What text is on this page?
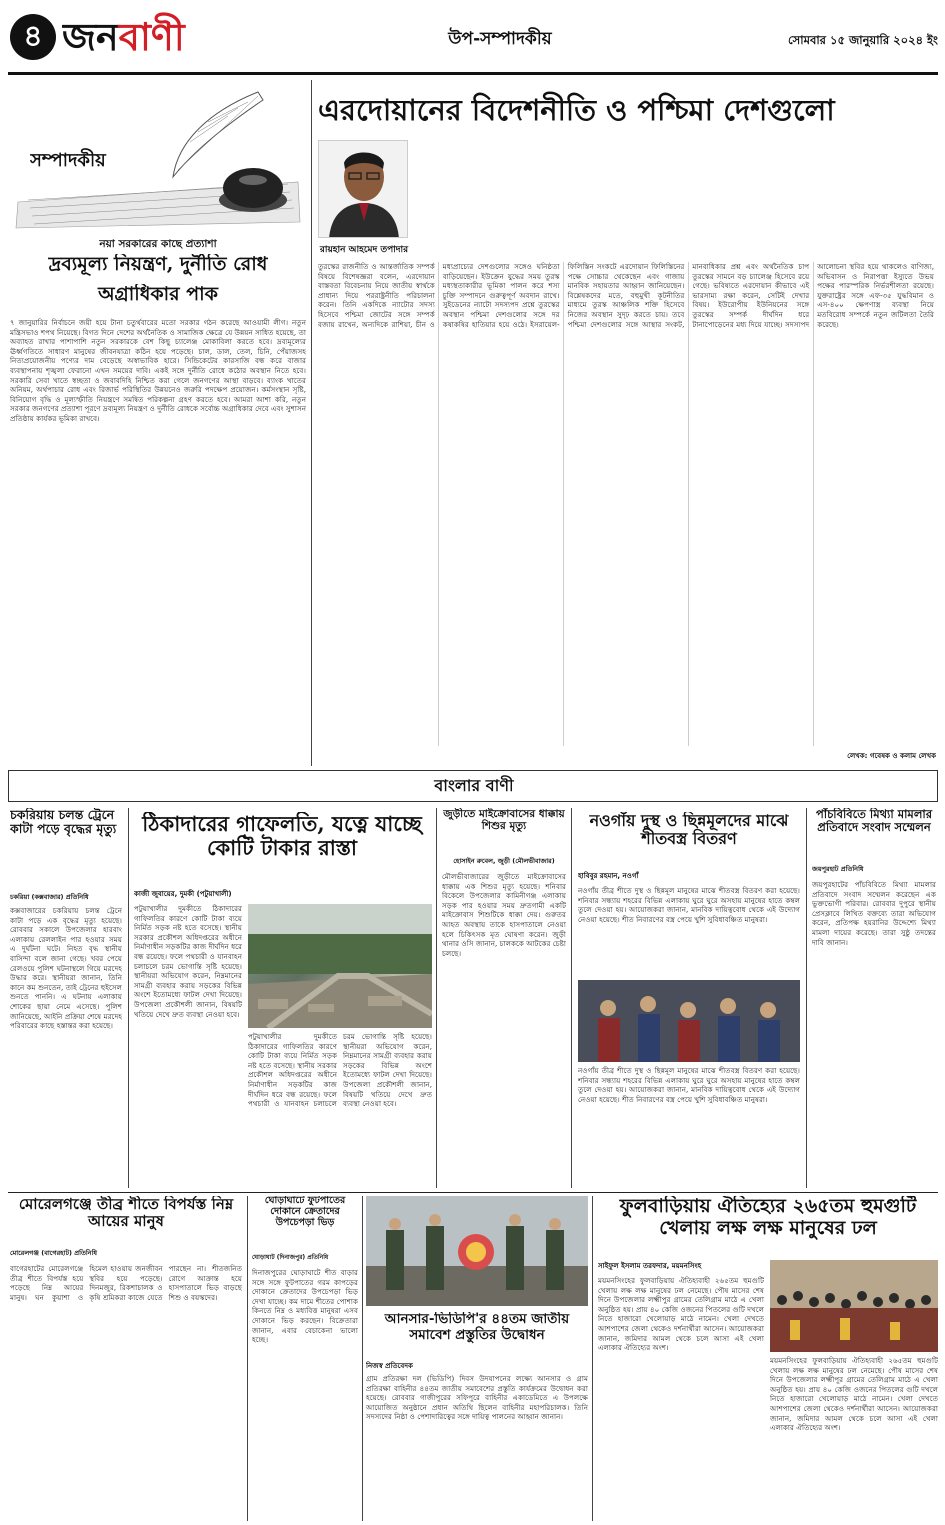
৪ জনবাণী	উপ-সম্পাদকীয়	সোমবার ১৫ জানুয়ারি ২০২৪ ইং
সম্পাদকীয়
নয়া সরকারের কাছে প্রত্যাশা
দ্রব্যমূল্য নিয়ন্ত্রণ, দুর্নীতি রোধ
অগ্রাধিকার পাক
৭ জানুয়ারির নির্বাচনে জয়ী হয়ে টানা চতুর্থবারের মতো সরকার গঠন করেছে আওয়ামী লীগ। নতুন মন্ত্রিসভাও শপথ নিয়েছে। বিগত দিনে দেশের অর্থনৈতিক ও সামাজিক ক্ষেত্রে যে উন্নয়ন সাধিত হয়েছে, তা অব্যাহত রাখার পাশাপাশি নতুন সরকারকে বেশ কিছু চ্যালেঞ্জ মোকাবিলা করতে হবে। দ্রব্যমূল্যের ঊর্ধ্বগতিতে সাধারণ মানুষের জীবনযাত্রা কঠিন হয়ে পড়েছে। চাল, ডাল, তেল, চিনি, পেঁয়াজসহ নিত্যপ্রয়োজনীয় পণ্যের দাম বেড়েছে অস্বাভাবিক হারে। সিন্ডিকেটের কারসাজি বন্ধ করে বাজার ব্যবস্থাপনায় শৃঙ্খলা ফেরানো এখন সময়ের দাবি। একই সঙ্গে দুর্নীতি রোধে কঠোর অবস্থান নিতে হবে। সরকারি সেবা খাতে স্বচ্ছতা ও জবাবদিহি নিশ্চিত করা গেলে জনগণের আস্থা বাড়বে। ব্যাংক খাতের অনিয়ম, অর্থপাচার রোধ এবং রিজার্ভ পরিস্থিতির উন্নয়নেও জরুরি পদক্ষেপ প্রয়োজন। কর্মসংস্থান সৃষ্টি, বিনিয়োগ বৃদ্ধি ও মূল্যস্ফীতি নিয়ন্ত্রণে সমন্বিত পরিকল্পনা গ্রহণ করতে হবে। আমরা আশা করি, নতুন সরকার জনগণের প্রত্যাশা পূরণে দ্রব্যমূল্য নিয়ন্ত্রণ ও দুর্নীতি রোধকে সর্বোচ্চ অগ্রাধিকার দেবে এবং সুশাসন প্রতিষ্ঠায় কার্যকর ভূমিকা রাখবে।
এরদোয়ানের বিদেশনীতি ও পশ্চিমা দেশগুলো
রায়হান আহমেদ তপাদার
তুরস্কের রাজনীতি ও আন্তর্জাতিক সম্পর্ক বিষয়ে বিশেষজ্ঞরা বলেন, এরদোয়ান বাস্তবতা বিবেচনায় নিয়ে জাতীয় স্বার্থকে প্রাধান্য দিয়ে পররাষ্ট্রনীতি পরিচালনা করেন। তিনি একদিকে ন্যাটোর সদস্য হিসেবে পশ্চিমা জোটের সঙ্গে সম্পর্ক বজায় রাখেন, অন্যদিকে রাশিয়া, চীন ও মধ্যপ্রাচ্যের দেশগুলোর সঙ্গেও ঘনিষ্ঠতা বাড়িয়েছেন। ইউক্রেন যুদ্ধের সময় তুরস্ক মধ্যস্থতাকারীর ভূমিকা পালন করে শস্য চুক্তি সম্পাদনে গুরুত্বপূর্ণ অবদান রাখে। সুইডেনের ন্যাটো সদস্যপদ প্রশ্নে তুরস্কের অবস্থান পশ্চিমা দেশগুলোর সঙ্গে দর কষাকষির হাতিয়ার হয়ে ওঠে। ইসরায়েল-ফিলিস্তিন সংকটে এরদোয়ান ফিলিস্তিনের পক্ষে সোচ্চার থেকেছেন এবং গাজায় মানবিক সহায়তার আহ্বান জানিয়েছেন। বিশ্লেষকদের মতে, বহুমুখী কূটনীতির মাধ্যমে তুরস্ক আঞ্চলিক শক্তি হিসেবে নিজের অবস্থান সুদৃঢ় করতে চায়। তবে পশ্চিমা দেশগুলোর সঙ্গে আস্থার সংকট, মানবাধিকার প্রশ্ন এবং অর্থনৈতিক চাপ তুরস্কের সামনে বড় চ্যালেঞ্জ হিসেবে রয়ে গেছে। ভবিষ্যতে এরদোয়ান কীভাবে এই ভারসাম্য রক্ষা করেন, সেটিই দেখার বিষয়। ইউরোপীয় ইউনিয়নের সঙ্গে তুরস্কের সম্পর্ক দীর্ঘদিন ধরে টানাপোড়েনের মধ্য দিয়ে যাচ্ছে। সদস্যপদ আলোচনা স্থবির হয়ে থাকলেও বাণিজ্য, অভিবাসন ও নিরাপত্তা ইস্যুতে উভয় পক্ষের পারস্পরিক নির্ভরশীলতা রয়েছে। যুক্তরাষ্ট্রের সঙ্গে এফ-৩৫ যুদ্ধবিমান ও এস-৪০০ ক্ষেপণাস্ত্র ব্যবস্থা নিয়ে মতবিরোধ সম্পর্কে নতুন জটিলতা তৈরি করেছে।
লেখক: গবেষক ও কলাম লেখক
বাংলার বাণী
চকরিয়ায় চলন্ত ট্রেনে কাটা পড়ে বৃদ্ধের মৃত্যু
চকরিয়া (কক্সবাজার) প্রতিনিধি
কক্সবাজারের চকরিয়ায় চলন্ত ট্রেনে কাটা পড়ে এক বৃদ্ধের মৃত্যু হয়েছে। রোববার সকালে উপজেলার হারবাং এলাকায় রেললাইন পার হওয়ার সময় এ দুর্ঘটনা ঘটে। নিহত বৃদ্ধ স্থানীয় বাসিন্দা বলে জানা গেছে। খবর পেয়ে রেলওয়ে পুলিশ ঘটনাস্থলে গিয়ে মরদেহ উদ্ধার করে। স্থানীয়রা জানান, তিনি কানে কম শুনতেন, তাই ট্রেনের হুইসেল শুনতে পাননি। এ ঘটনায় এলাকায় শোকের ছায়া নেমে এসেছে। পুলিশ জানিয়েছে, আইনি প্রক্রিয়া শেষে মরদেহ পরিবারের কাছে হস্তান্তর করা হয়েছে।
ঠিকাদারের গাফেলতি, যত্নে যাচ্ছে কোটি টাকার রাস্তা
কাজী জুবায়ের, দুমকী (পটুয়াখালী)
পটুয়াখালীর দুমকীতে ঠিকাদারের গাফিলতির কারণে কোটি টাকা ব্যয়ে নির্মিত সড়ক নষ্ট হতে বসেছে। স্থানীয় সরকার প্রকৌশল অধিদপ্তরের অধীনে নির্মাণাধীন সড়কটির কাজ দীর্ঘদিন ধরে বন্ধ রয়েছে। ফলে পথচারী ও যানবাহন চলাচলে চরম ভোগান্তি সৃষ্টি হয়েছে। স্থানীয়রা অভিযোগ করেন, নিম্নমানের সামগ্রী ব্যবহার করায় সড়কের বিভিন্ন অংশে ইতোমধ্যে ফাটল দেখা দিয়েছে। উপজেলা প্রকৌশলী জানান, বিষয়টি খতিয়ে দেখে দ্রুত ব্যবস্থা নেওয়া হবে।
পটুয়াখালীর দুমকীতে ঠিকাদারের গাফিলতির কারণে কোটি টাকা ব্যয়ে নির্মিত সড়ক নষ্ট হতে বসেছে। স্থানীয় সরকার প্রকৌশল অধিদপ্তরের অধীনে নির্মাণাধীন সড়কটির কাজ দীর্ঘদিন ধরে বন্ধ রয়েছে। ফলে পথচারী ও যানবাহন চলাচলে চরম ভোগান্তি সৃষ্টি হয়েছে। স্থানীয়রা অভিযোগ করেন, নিম্নমানের সামগ্রী ব্যবহার করায় সড়কের বিভিন্ন অংশে ইতোমধ্যে ফাটল দেখা দিয়েছে। উপজেলা প্রকৌশলী জানান, বিষয়টি খতিয়ে দেখে দ্রুত ব্যবস্থা নেওয়া হবে।
জুড়ীতে মাইক্রোবাসের ধাক্কায় শিশুর মৃত্যু
হোসাইন রুবেল, জুড়ী (মৌলভীবাজার)
মৌলভীবাজারের জুড়ীতে মাইক্রোবাসের ধাক্কায় এক শিশুর মৃত্যু হয়েছে। শনিবার বিকেলে উপজেলার কামিনীগঞ্জ এলাকায় সড়ক পার হওয়ার সময় দ্রুতগামী একটি মাইক্রোবাস শিশুটিকে ধাক্কা দেয়। গুরুতর আহত অবস্থায় তাকে হাসপাতালে নেওয়া হলে চিকিৎসক মৃত ঘোষণা করেন। জুড়ী থানার ওসি জানান, চালককে আটকের চেষ্টা চলছে।
নওগাঁয় দুস্থ ও ছিন্নমূলদের মাঝে শীতবস্ত্র বিতরণ
হাবিবুর রহমান, নওগাঁ
নওগাঁয় তীব্র শীতে দুস্থ ও ছিন্নমূল মানুষের মাঝে শীতবস্ত্র বিতরণ করা হয়েছে। শনিবার সন্ধ্যায় শহরের বিভিন্ন এলাকায় ঘুরে ঘুরে অসহায় মানুষের হাতে কম্বল তুলে দেওয়া হয়। আয়োজকরা জানান, মানবিক দায়িত্ববোধ থেকে এই উদ্যোগ নেওয়া হয়েছে। শীত নিবারণের বস্ত্র পেয়ে খুশি সুবিধাবঞ্চিত মানুষরা।
নওগাঁয় তীব্র শীতে দুস্থ ও ছিন্নমূল মানুষের মাঝে শীতবস্ত্র বিতরণ করা হয়েছে। শনিবার সন্ধ্যায় শহরের বিভিন্ন এলাকায় ঘুরে ঘুরে অসহায় মানুষের হাতে কম্বল তুলে দেওয়া হয়। আয়োজকরা জানান, মানবিক দায়িত্ববোধ থেকে এই উদ্যোগ নেওয়া হয়েছে। শীত নিবারণের বস্ত্র পেয়ে খুশি সুবিধাবঞ্চিত মানুষরা।
পাঁচবিবিতে মিথ্যা মামলার প্রতিবাদে সংবাদ সম্মেলন
জয়পুরহাট প্রতিনিধি
জয়পুরহাটের পাঁচবিবিতে মিথ্যা মামলার প্রতিবাদে সংবাদ সম্মেলন করেছেন এক ভুক্তভোগী পরিবার। রোববার দুপুরে স্থানীয় প্রেসক্লাবে লিখিত বক্তব্যে তারা অভিযোগ করেন, প্রতিপক্ষ হয়রানির উদ্দেশ্যে মিথ্যা মামলা দায়ের করেছে। তারা সুষ্ঠু তদন্তের দাবি জানান।
মোরেলগঞ্জে তীব্র শীতে বিপর্যস্ত নিম্ন আয়ের মানুষ
মোরেলগঞ্জ (বাগেরহাট) প্রতিনিধি
বাগেরহাটের মোরেলগঞ্জে তীব্র শীতে বিপর্যস্ত হয়ে পড়েছে নিম্ন আয়ের মানুষ। ঘন কুয়াশা ও হিমেল হাওয়ায় জনজীবন স্থবির হয়ে পড়েছে। দিনমজুর, রিকশাচালক ও কৃষি শ্রমিকরা কাজে যেতে পারছেন না। শীতজনিত রোগে আক্রান্ত হয়ে হাসপাতালে ভিড় বাড়ছে শিশু ও বয়স্কদের।
ঘোড়াঘাটে ফুটপাতের দোকানে ক্রেতাদের উপচেপড়া ভিড়
ঘোড়াঘাট (দিনাজপুর) প্রতিনিধি
দিনাজপুরের ঘোড়াঘাটে শীত বাড়ার সঙ্গে সঙ্গে ফুটপাতের গরম কাপড়ের দোকানে ক্রেতাদের উপচেপড়া ভিড় দেখা যাচ্ছে। কম দামে শীতের পোশাক কিনতে নিম্ন ও মধ্যবিত্ত মানুষরা এসব দোকানে ভিড় করছেন। বিক্রেতারা জানান, এবার বেচাকেনা ভালো হচ্ছে।
আনসার-ভিডিপি'র ৪৪তম জাতীয় সমাবেশ প্রস্তুতির উদ্বোধন
নিজস্ব প্রতিবেদক
গ্রাম প্রতিরক্ষা দল (ভিডিপি) দিবস উদযাপনের লক্ষ্যে আনসার ও গ্রাম প্রতিরক্ষা বাহিনীর ৪৪তম জাতীয় সমাবেশের প্রস্তুতি কার্যক্রমের উদ্বোধন করা হয়েছে। রোববার গাজীপুরের সফিপুরে বাহিনীর একাডেমিতে এ উপলক্ষে আয়োজিত অনুষ্ঠানে প্রধান অতিথি ছিলেন বাহিনীর মহাপরিচালক। তিনি সদস্যদের নিষ্ঠা ও পেশাদারিত্বের সঙ্গে দায়িত্ব পালনের আহ্বান জানান।
ফুলবাড়িয়ায় ঐতিহ্যের ২৬৫তম হুমগুটি খেলায় লক্ষ লক্ষ মানুষের ঢল
সাইফুল ইসলাম তরফদার, ময়মনসিংহ
ময়মনসিংহের ফুলবাড়িয়ায় ঐতিহ্যবাহী ২৬৫তম হুমগুটি খেলায় লক্ষ লক্ষ মানুষের ঢল নেমেছে। পৌষ মাসের শেষ দিনে উপজেলার লক্ষ্মীপুর গ্রামের তেলিগ্রাম মাঠে এ খেলা অনুষ্ঠিত হয়। প্রায় ৪০ কেজি ওজনের পিতলের গুটি দখলে নিতে হাজারো খেলোয়াড় মাঠে নামেন। খেলা দেখতে আশপাশের জেলা থেকেও দর্শনার্থীরা আসেন। আয়োজকরা জানান, জমিদার আমল থেকে চলে আসা এই খেলা এলাকার ঐতিহ্যের অংশ।
ময়মনসিংহের ফুলবাড়িয়ায় ঐতিহ্যবাহী ২৬৫তম হুমগুটি খেলায় লক্ষ লক্ষ মানুষের ঢল নেমেছে। পৌষ মাসের শেষ দিনে উপজেলার লক্ষ্মীপুর গ্রামের তেলিগ্রাম মাঠে এ খেলা অনুষ্ঠিত হয়। প্রায় ৪০ কেজি ওজনের পিতলের গুটি দখলে নিতে হাজারো খেলোয়াড় মাঠে নামেন। খেলা দেখতে আশপাশের জেলা থেকেও দর্শনার্থীরা আসেন। আয়োজকরা জানান, জমিদার আমল থেকে চলে আসা এই খেলা এলাকার ঐতিহ্যের অংশ।
